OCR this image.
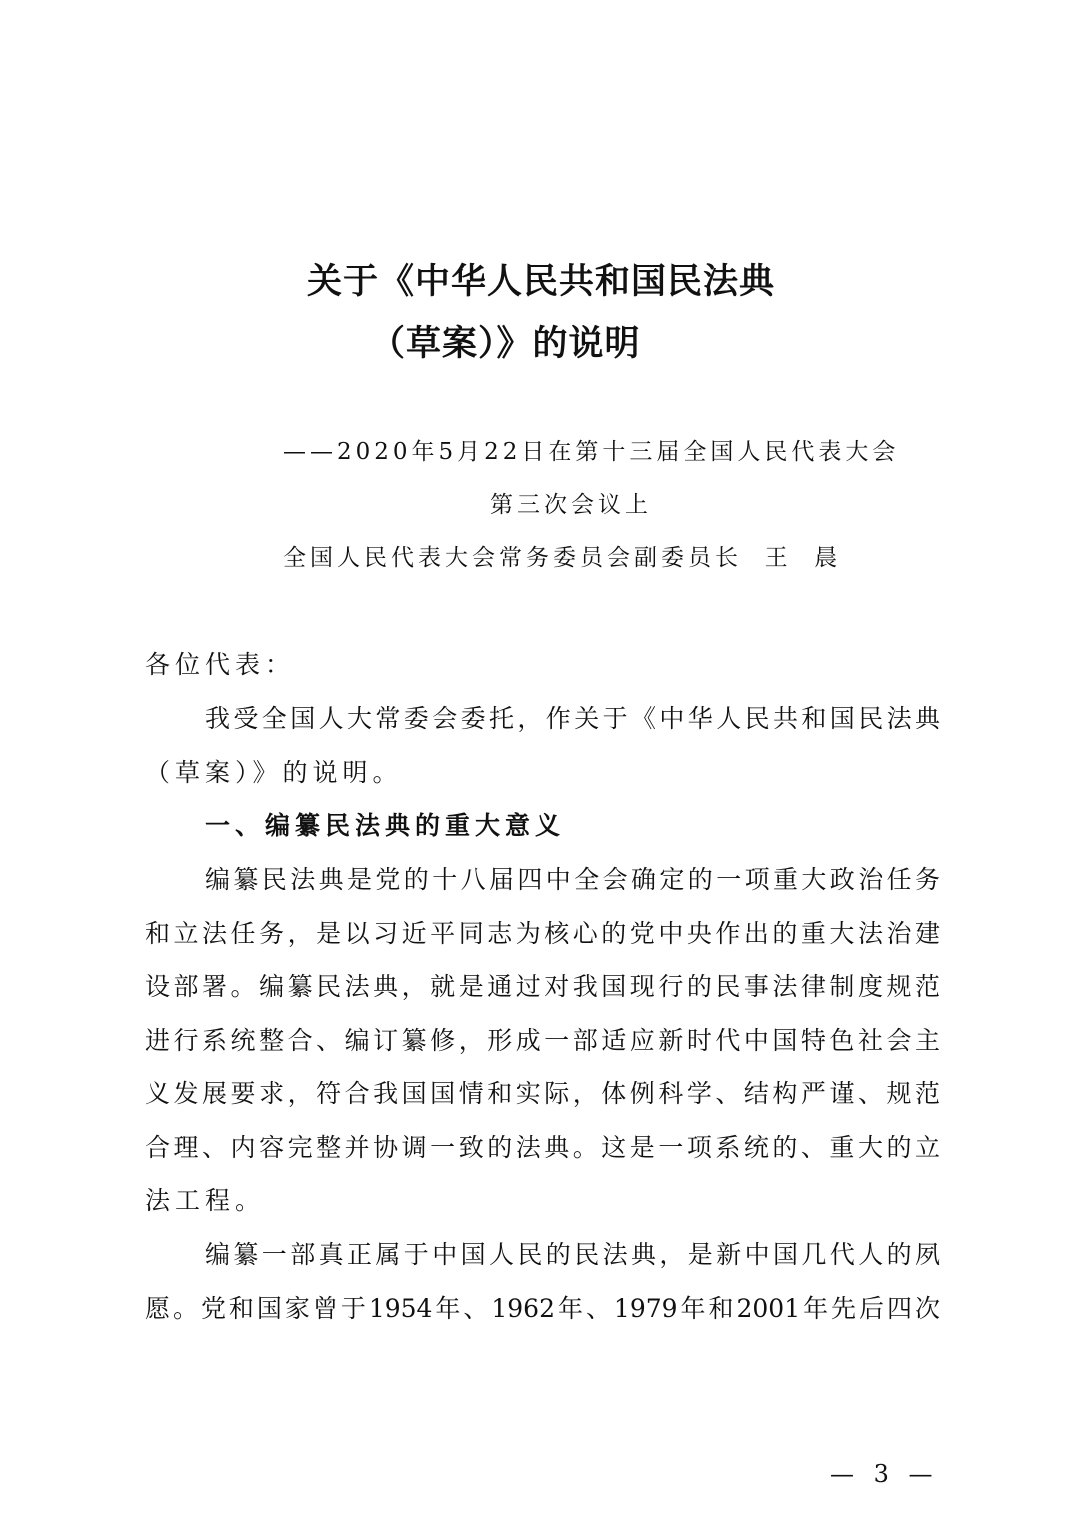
关于《中华人民共和国民法典
（草案）》的说明
——2020年5月22日在第十三届全国人民代表大会
第三次会议上
全国人民代表大会常务委员会副委员长  王  晨
各位代表：
我受全国人大常委会委托，作关于《中华人民共和国民法典
（草案）》的说明。
一、编纂民法典的重大意义
编纂民法典是党的十八届四中全会确定的一项重大政治任务
和立法任务，是以习近平同志为核心的党中央作出的重大法治建
设部署。编纂民法典，就是通过对我国现行的民事法律制度规范
进行系统整合、编订纂修，形成一部适应新时代中国特色社会主
义发展要求，符合我国国情和实际，体例科学、结构严谨、规范
合理、内容完整并协调一致的法典。这是一项系统的、重大的立
法工程。
编纂一部真正属于中国人民的民法典，是新中国几代人的夙
愿。党和国家曾于1954年、1962年、1979年和2001年先后四次
— 3 —
